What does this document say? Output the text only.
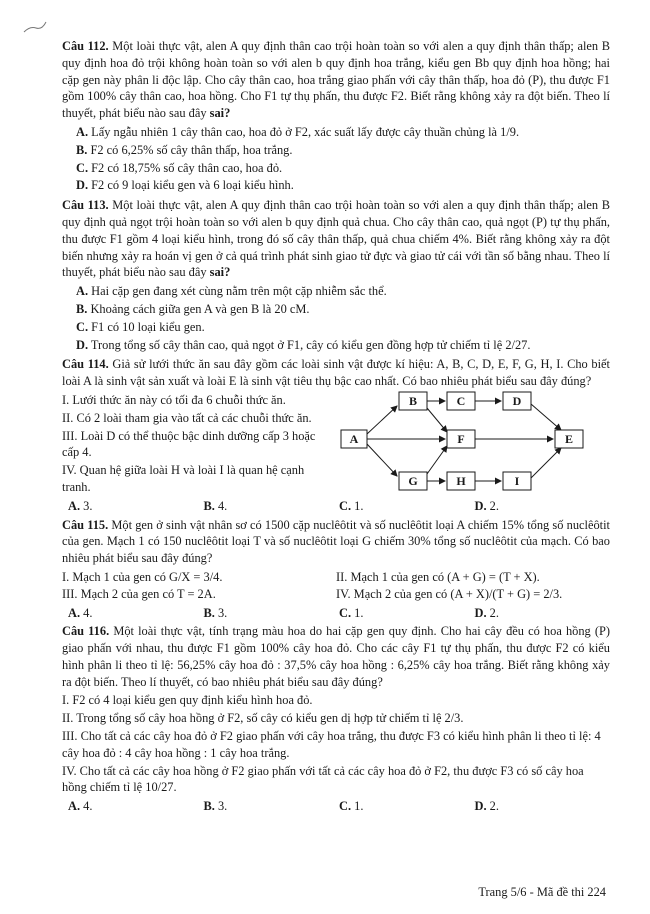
Câu 112. Một loài thực vật, alen A quy định thân cao trội hoàn toàn so với alen a quy định thân thấp; alen B quy định hoa đỏ trội không hoàn toàn so với alen b quy định hoa trắng, kiểu gen Bb quy định hoa hồng; hai cặp gen này phân li độc lập. Cho cây thân cao, hoa trắng giao phấn với cây thân thấp, hoa đỏ (P), thu được F1 gồm 100% cây thân cao, hoa hồng. Cho F1 tự thụ phấn, thu được F2. Biết rằng không xảy ra đột biến. Theo lí thuyết, phát biểu nào sau đây sai?
A. Lấy ngẫu nhiên 1 cây thân cao, hoa đỏ ở F2, xác suất lấy được cây thuần chủng là 1/9.
B. F2 có 6,25% số cây thân thấp, hoa trắng.
C. F2 có 18,75% số cây thân cao, hoa đỏ.
D. F2 có 9 loại kiểu gen và 6 loại kiểu hình.
Câu 113. Một loài thực vật, alen A quy định thân cao trội hoàn toàn so với alen a quy định thân thấp; alen B quy định quả ngọt trội hoàn toàn so với alen b quy định quả chua. Cho cây thân cao, quả ngọt (P) tự thụ phấn, thu được F1 gồm 4 loại kiểu hình, trong đó số cây thân thấp, quả chua chiếm 4%. Biết rằng không xảy ra đột biến nhưng xảy ra hoán vị gen ở cả quá trình phát sinh giao tử đực và giao tử cái với tần số bằng nhau. Theo lí thuyết, phát biểu nào sau đây sai?
A. Hai cặp gen đang xét cùng nằm trên một cặp nhiễm sắc thể.
B. Khoảng cách giữa gen A và gen B là 20 cM.
C. F1 có 10 loại kiểu gen.
D. Trong tổng số cây thân cao, quả ngọt ở F1, cây có kiểu gen đồng hợp tử chiếm tỉ lệ 2/27.
Câu 114. Giả sử lưới thức ăn sau đây gồm các loài sinh vật được kí hiệu: A, B, C, D, E, F, G, H, I. Cho biết loài A là sinh vật sản xuất và loài E là sinh vật tiêu thụ bậc cao nhất. Có bao nhiêu phát biểu sau đây đúng?
I. Lưới thức ăn này có tối đa 6 chuỗi thức ăn.
II. Có 2 loài tham gia vào tất cả các chuỗi thức ăn.
III. Loài D có thể thuộc bậc dinh dưỡng cấp 3 hoặc cấp 4.
IV. Quan hệ giữa loài H và loài I là quan hệ cạnh tranh.
A
B	C	D
F	E
G	H	I
A. 3.	B. 4.	C. 1.	D. 2.
Câu 115. Một gen ở sinh vật nhân sơ có 1500 cặp nuclêôtit và số nuclêôtit loại A chiếm 15% tổng số nuclêôtit của gen. Mạch 1 có 150 nuclêôtit loại T và số nuclêôtit loại G chiếm 30% tổng số nuclêôtit của mạch. Có bao nhiêu phát biểu sau đây đúng?
I. Mạch 1 của gen có G/X = 3/4.	II. Mạch 1 của gen có (A + G) = (T + X).
III. Mạch 2 của gen có T = 2A.	IV. Mạch 2 của gen có (A + X)/(T + G) = 2/3.
A. 4.	B. 3.	C. 1.	D. 2.
Câu 116. Một loài thực vật, tính trạng màu hoa do hai cặp gen quy định. Cho hai cây đều có hoa hồng (P) giao phấn với nhau, thu được F1 gồm 100% cây hoa đỏ. Cho các cây F1 tự thụ phấn, thu được F2 có kiểu hình phân li theo tỉ lệ: 56,25% cây hoa đỏ : 37,5% cây hoa hồng : 6,25% cây hoa trắng. Biết rằng không xảy ra đột biến. Theo lí thuyết, có bao nhiêu phát biểu sau đây đúng?
I. F2 có 4 loại kiểu gen quy định kiểu hình hoa đỏ.
II. Trong tổng số cây hoa hồng ở F2, số cây có kiểu gen dị hợp tử chiếm tỉ lệ 2/3.
III. Cho tất cả các cây hoa đỏ ở F2 giao phấn với cây hoa trắng, thu được F3 có kiểu hình phân li theo tỉ lệ: 4 cây hoa đỏ : 4 cây hoa hồng : 1 cây hoa trắng.
IV. Cho tất cả các cây hoa hồng ở F2 giao phấn với tất cả các cây hoa đỏ ở F2, thu được F3 có số cây hoa hồng chiếm tỉ lệ 10/27.
A. 4.	B. 3.	C. 1.	D. 2.
Trang 5/6 - Mã đề thi 224
